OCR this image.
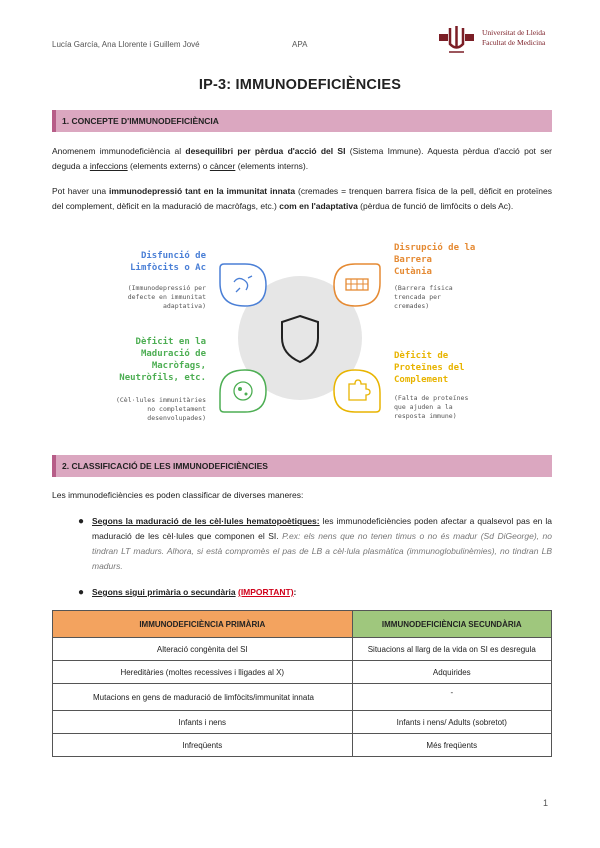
Lucía García, Ana Llorente i Guillem Jové	APA
Universitat de Lleida
Facultat de Medicina
IP-3: IMMUNODEFICIÈNCIES
1. CONCEPTE D'IMMUNODEFICIÈNCIA
Anomenem immunodeficiència al desequilibri per pèrdua d'acció del SI (Sistema Immune). Aquesta pèrdua d'acció pot ser deguda a infeccions (elements externs) o càncer (elements interns).
Pot haver una immunodepressió tant en la immunitat innata (cremades = trenquen barrera física de la pell, dèficit en proteïnes del complement, dèficit en la maduració de macròfags, etc.) com en l'adaptativa (pèrdua de funció de limfòcits o dels Ac).
Disfunció de
Limfòcits o Ac
(Immunodepressió per
defecte en immunitat
adaptativa)
Disrupció de la
Barrera
Cutània
(Barrera física
trencada per
cremades)
Dèficit en la
Maduració de
Macròfags,
Neutròfils, etc.
(Cèl·lules immunitàries
no completament
desenvolupades)
Dèficit de
Proteïnes del
Complement
(Falta de proteïnes
que ajuden a la
resposta immune)
2. CLASSIFICACIÓ DE LES IMMUNODEFICIÈNCIES
Les immunodeficiències es poden classificar de diverses maneres:
● Segons la maduració de les cèl·lules hematopoètiques: les immunodeficiències poden afectar a qualsevol pas en la maduració de les cèl·lules que componen el SI. P.ex: els nens que no tenen timus o no és madur (Sd DiGeorge), no tindran LT madurs. Alhora, si està compromès el pas de LB a cèl·lula plasmàtica (immunoglobulinèmies), no tindran LB madurs.
● Segons sigui primària o secundària (IMPORTANT):
IMMUNODEFICIÈNCIA PRIMÀRIA	IMMUNODEFICIÈNCIA SECUNDÀRIA
Alteració congènita del SI	Situacions al llarg de la vida on SI es desregula
Hereditàries (moltes recessives i lligades al X)	Adquirides
Mutacions en gens de maduració de limfòcits/immunitat innata	-
Infants i nens	Infants i nens/ Adults (sobretot)
Infreqüents	Més freqüents
1
